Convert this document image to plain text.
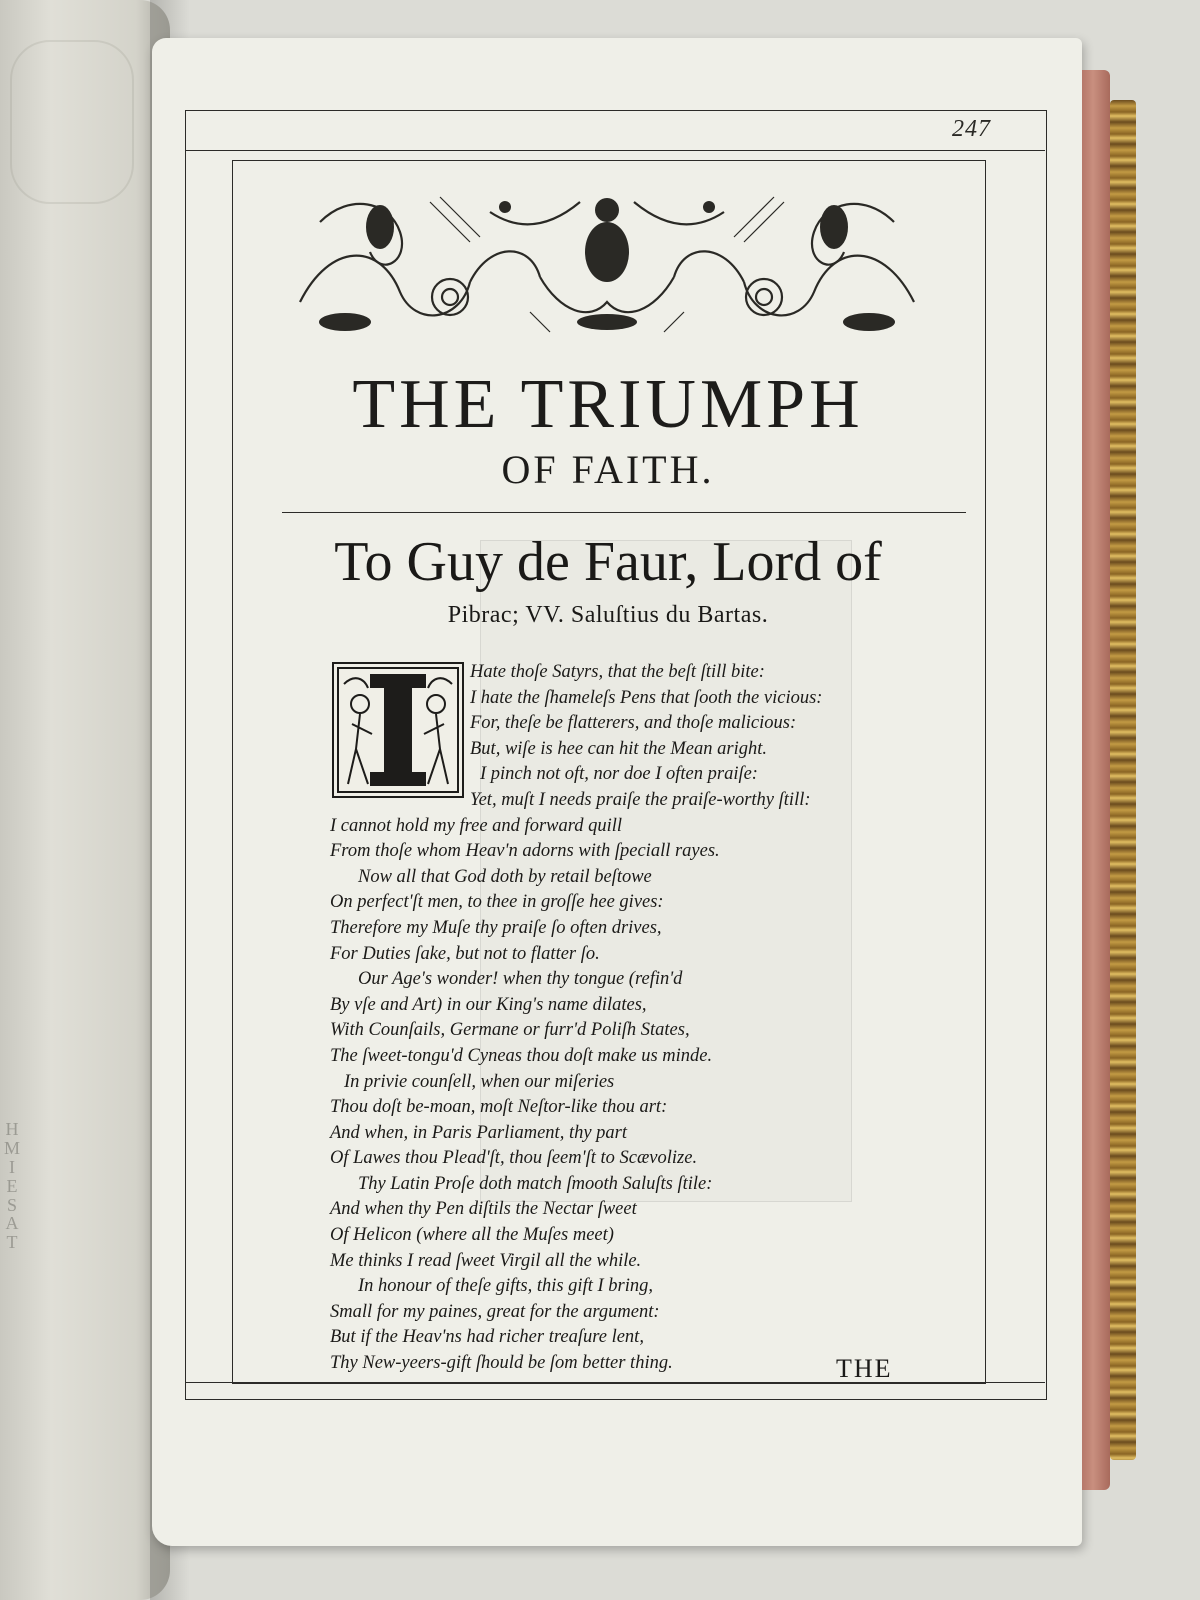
H
M
I
E
S
A
T
247
THE TRIUMPH
OF FAITH.
To Guy de Faur, Lord of
Pibrac; VV. Saluſtius du Bartas.
Hate thoſe Satyrs, that the beſt ſtill bite:
I hate the ſhameleſs Pens that ſooth the vicious:
For, theſe be flatterers, and thoſe malicious:
But, wiſe is hee can hit the Mean aright.
I pinch not oft, nor doe I often praiſe:
Yet, muſt I needs praiſe the praiſe-worthy ſtill:
I cannot hold my free and forward quill
From thoſe whom Heav'n adorns with ſpeciall rayes.
Now all that God doth by retail beſtowe
On perfect'ſt men, to thee in groſſe hee gives:
Therefore my Muſe thy praiſe ſo often drives,
For Duties ſake, but not to flatter ſo.
Our Age's wonder! when thy tongue (refin'd
By vſe and Art) in our King's name dilates,
With Counſails, Germane or furr'd Poliſh States,
The ſweet-tongu'd Cyneas thou doſt make us minde.
In privie counſell, when our miſeries
Thou doſt be-moan, moſt Neſtor-like thou art:
And when, in Paris Parliament, thy part
Of Lawes thou Plead'ſt, thou ſeem'ſt to Scævolize.
Thy Latin Proſe doth match ſmooth Saluſts ſtile:
And when thy Pen diſtils the Nectar ſweet
Of Helicon (where all the Muſes meet)
Me thinks I read ſweet Virgil all the while.
In honour of theſe gifts, this gift I bring,
Small for my paines, great for the argument:
But if the Heav'ns had richer treaſure lent,
Thy New-yeers-gift ſhould be ſom better thing.	THE
